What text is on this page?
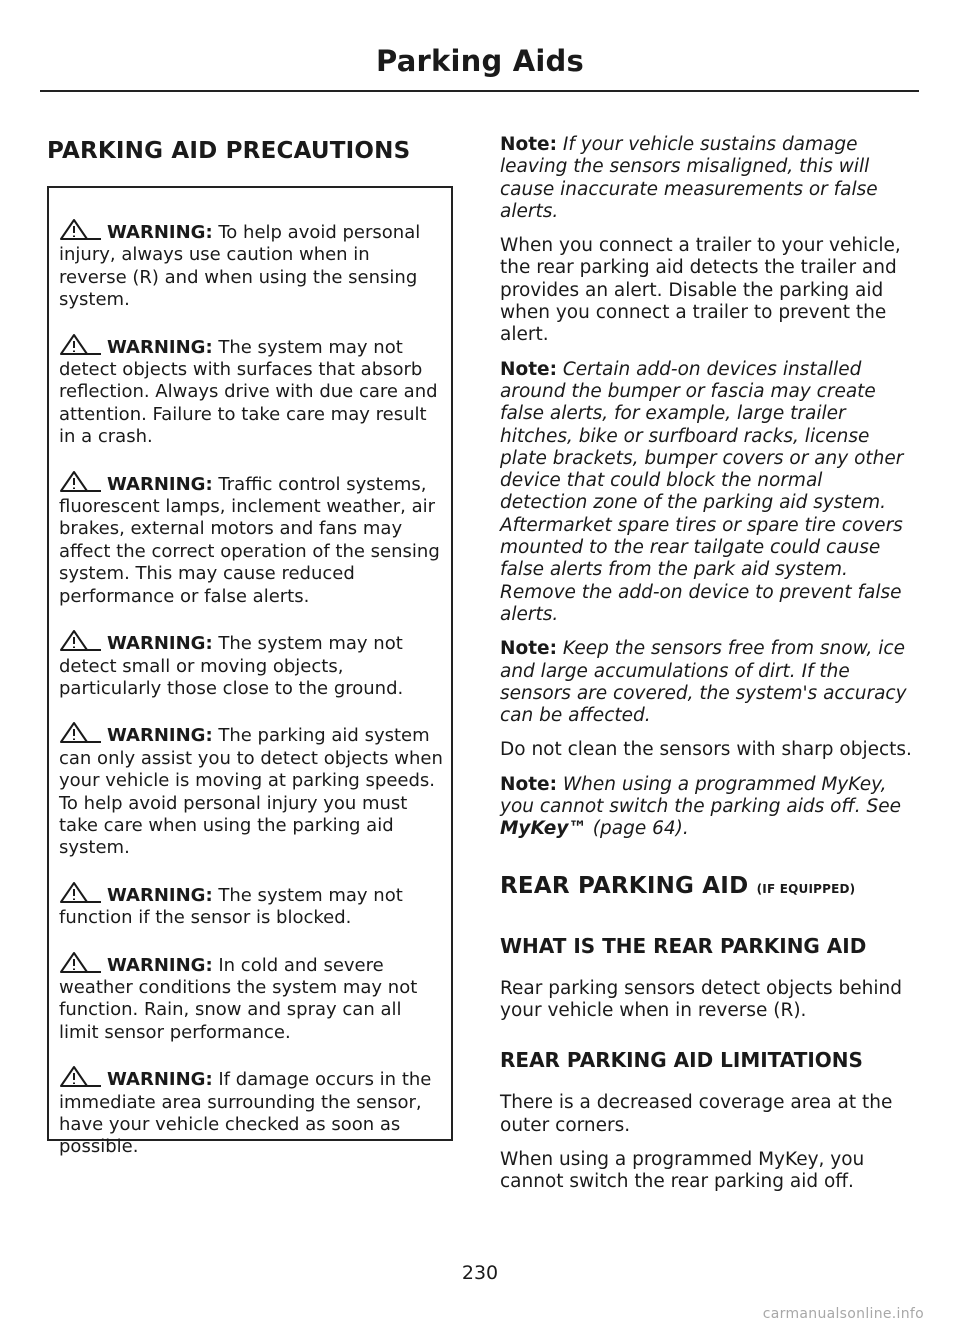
Parking Aids
PARKING AID PRECAUTIONS

WARNING: To help avoid personal injury, always use caution when in reverse (R) and when using the sensing system.

WARNING: The system may not detect objects with surfaces that absorb reflection. Always drive with due care and attention. Failure to take care may result in a crash.

WARNING: Traffic control systems, fluorescent lamps, inclement weather, air brakes, external motors and fans may affect the correct operation of the sensing system. This may cause reduced performance or false alerts.

WARNING: The system may not detect small or moving objects, particularly those close to the ground.

WARNING: The parking aid system can only assist you to detect objects when your vehicle is moving at parking speeds. To help avoid personal injury you must take care when using the parking aid system.

WARNING: The system may not function if the sensor is blocked.

WARNING: In cold and severe weather conditions the system may not function. Rain, snow and spray can all limit sensor performance.

WARNING: If damage occurs in the immediate area surrounding the sensor, have your vehicle checked as soon as possible.

Note: If your vehicle sustains damage leaving the sensors misaligned, this will cause inaccurate measurements or false alerts.

When you connect a trailer to your vehicle, the rear parking aid detects the trailer and provides an alert. Disable the parking aid when you connect a trailer to prevent the alert.

Note: Certain add-on devices installed around the bumper or fascia may create false alerts, for example, large trailer hitches, bike or surfboard racks, license plate brackets, bumper covers or any other device that could block the normal detection zone of the parking aid system. Aftermarket spare tires or spare tire covers mounted to the rear tailgate could cause false alerts from the park aid system. Remove the add-on device to prevent false alerts.

Note: Keep the sensors free from snow, ice and large accumulations of dirt. If the sensors are covered, the system's accuracy can be affected.

Do not clean the sensors with sharp objects.

Note: When using a programmed MyKey, you cannot switch the parking aids off. See MyKey™ (page 64).

REAR PARKING AID (IF EQUIPPED)
WHAT IS THE REAR PARKING AID

Rear parking sensors detect objects behind your vehicle when in reverse (R).

REAR PARKING AID LIMITATIONS

There is a decreased coverage area at the outer corners.

When using a programmed MyKey, you cannot switch the rear parking aid off.

230
carmanualsonline.info
